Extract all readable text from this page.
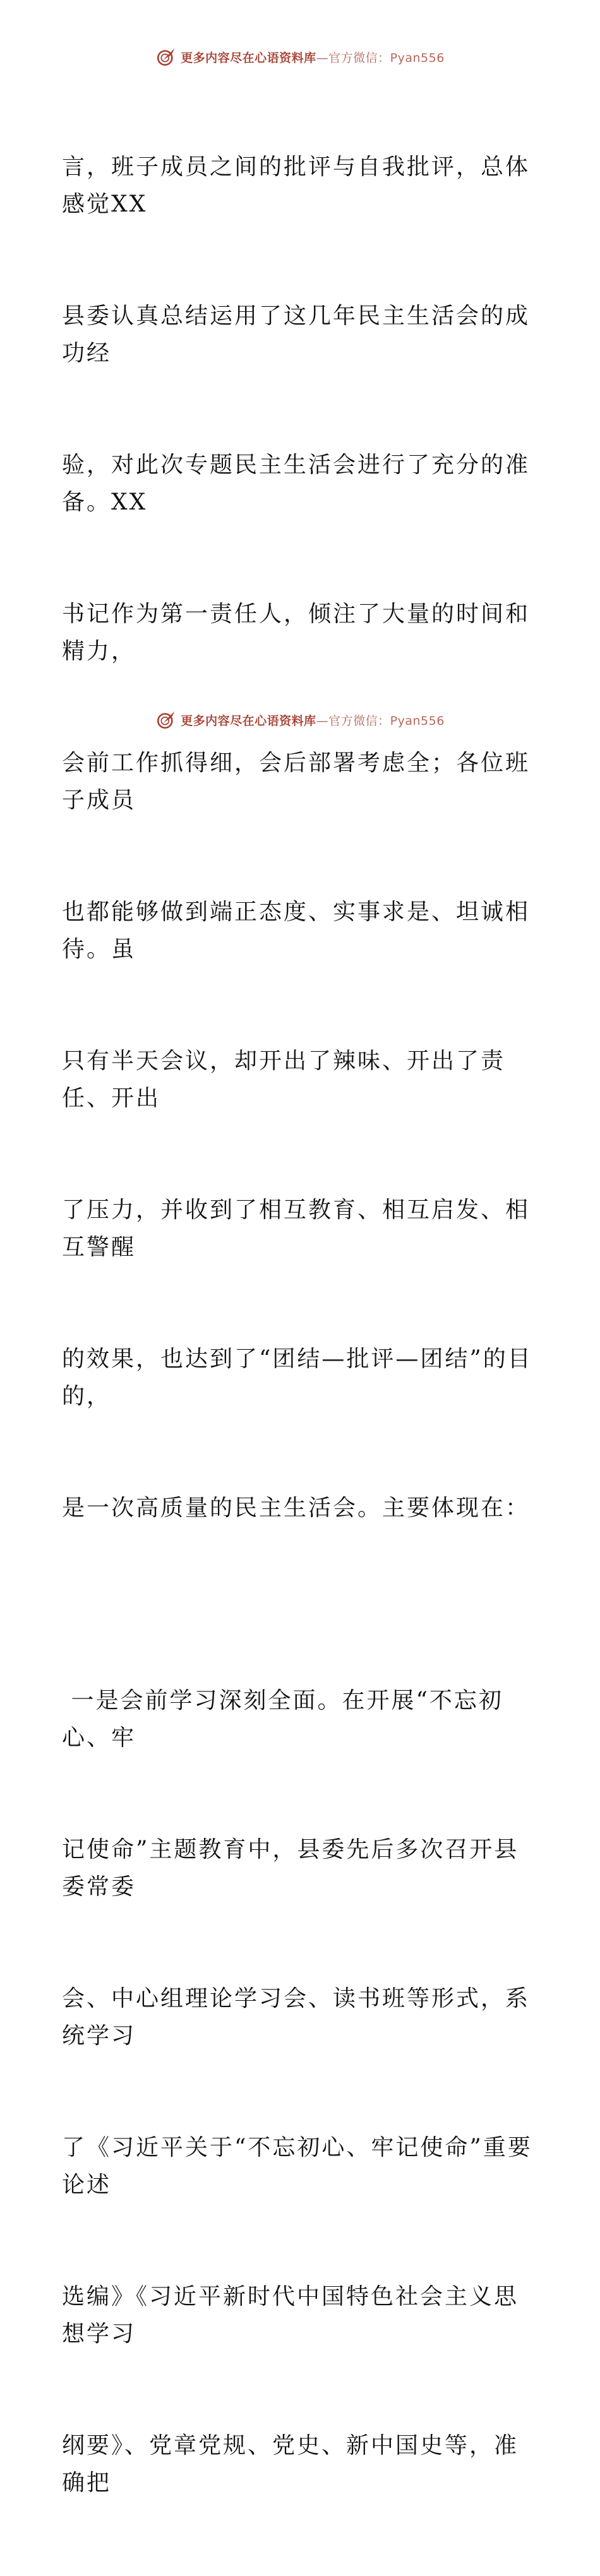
更多内容尽在心语资料库—官方微信：Pyan556

言，班子成员之间的批评与自我批评，总体感觉XX

县委认真总结运用了这几年民主生活会的成功经

验，对此次专题民主生活会进行了充分的准备。XX

书记作为第一责任人，倾注了大量的时间和精力，

会前工作抓得细，会后部署考虑全；各位班子成员

也都能够做到端正态度、实事求是、坦诚相待。虽

只有半天会议，却开出了辣味、开出了责任、开出

了压力，并收到了相互教育、相互启发、相互警醒

的效果，也达到了“团结—批评—团结”的目的，

是一次高质量的民主生活会。主要体现在：

一是会前学习深刻全面。在开展“不忘初心、牢

记使命”主题教育中，县委先后多次召开县委常委

会、中心组理论学习会、读书班等形式，系统学习

了《习近平关于“不忘初心、牢记使命”重要论述

选编》《习近平新时代中国特色社会主义思想学习

纲要》、党章党规、党史、新中国史等，准确把

更多内容尽在心语资料库—官方微信：Pyan556
